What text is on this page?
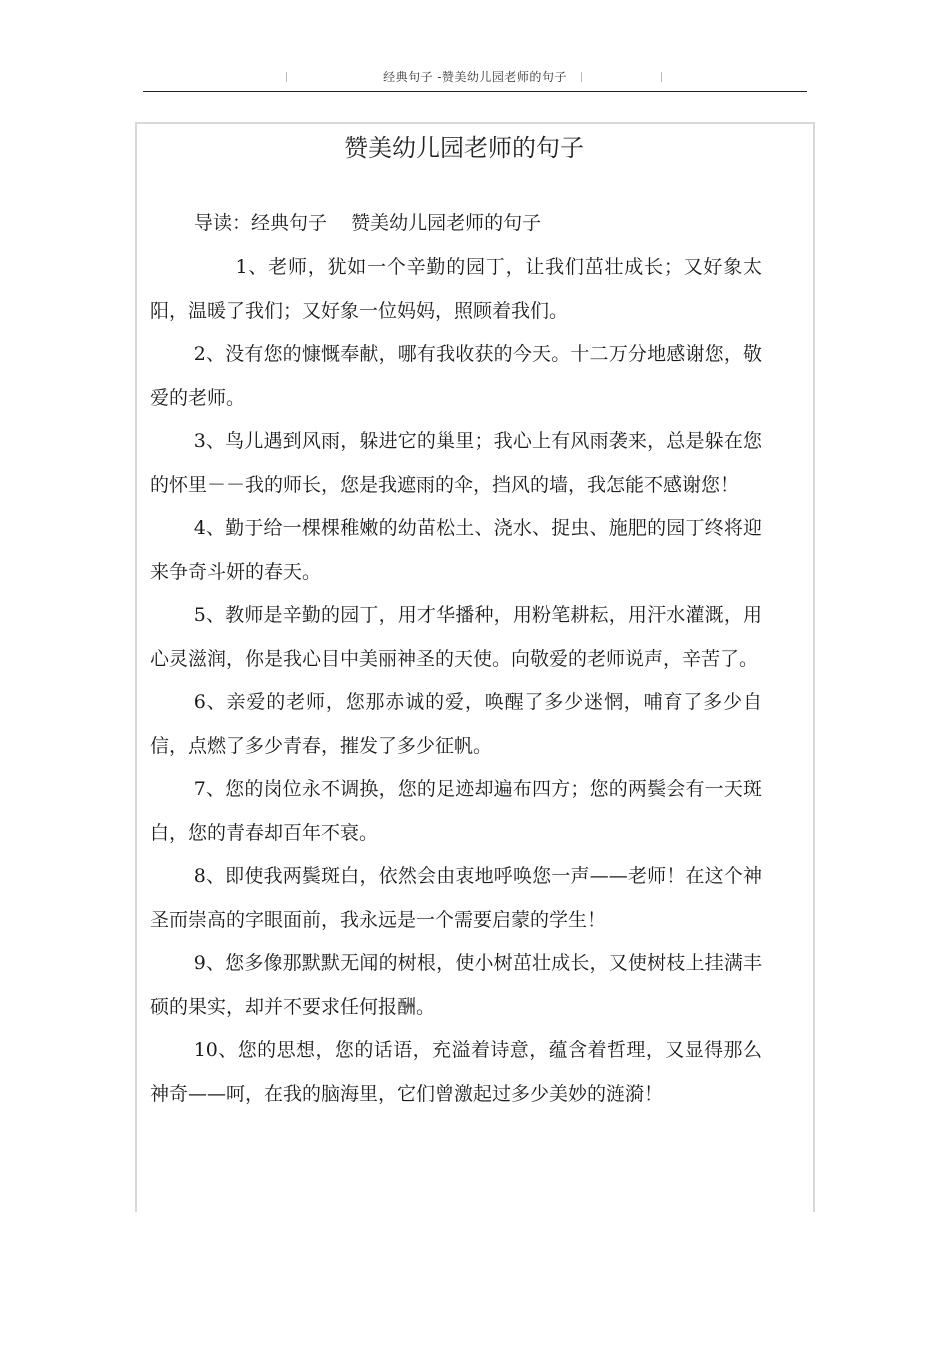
经典句子 -赞美幼儿园老师的句子
赞美幼儿园老师的句子
导读：经典句子    赞美幼儿园老师的句子

1、老师，犹如一个辛勤的园丁，让我们茁壮成长；又好象太阳，温暖了我们；又好象一位妈妈，照顾着我们。

2、没有您的慷慨奉献，哪有我收获的今天。十二万分地感谢您，敬爱的老师。

3、鸟儿遇到风雨，躲进它的巢里；我心上有风雨袭来，总是躲在您的怀里－－我的师长，您是我遮雨的伞，挡风的墙，我怎能不感谢您！

4、勤于给一棵棵稚嫩的幼苗松土、浇水、捉虫、施肥的园丁终将迎来争奇斗妍的春天。

5、教师是辛勤的园丁，用才华播种，用粉笔耕耘，用汗水灌溉，用心灵滋润，你是我心目中美丽神圣的天使。向敬爱的老师说声，辛苦了。

6、亲爱的老师，您那赤诚的爱，唤醒了多少迷惘，哺育了多少自信，点燃了多少青春，摧发了多少征帆。

7、您的岗位永不调换，您的足迹却遍布四方；您的两鬓会有一天斑白，您的青春却百年不衰。

8、即使我两鬓斑白，依然会由衷地呼唤您一声——老师！在这个神圣而崇高的字眼面前，我永远是一个需要启蒙的学生！

9、您多像那默默无闻的树根，使小树茁壮成长，又使树枝上挂满丰硕的果实，却并不要求任何报酬。

10、您的思想，您的话语，充溢着诗意，蕴含着哲理，又显得那么神奇——呵，在我的脑海里，它们曾激起过多少美妙的涟漪！
